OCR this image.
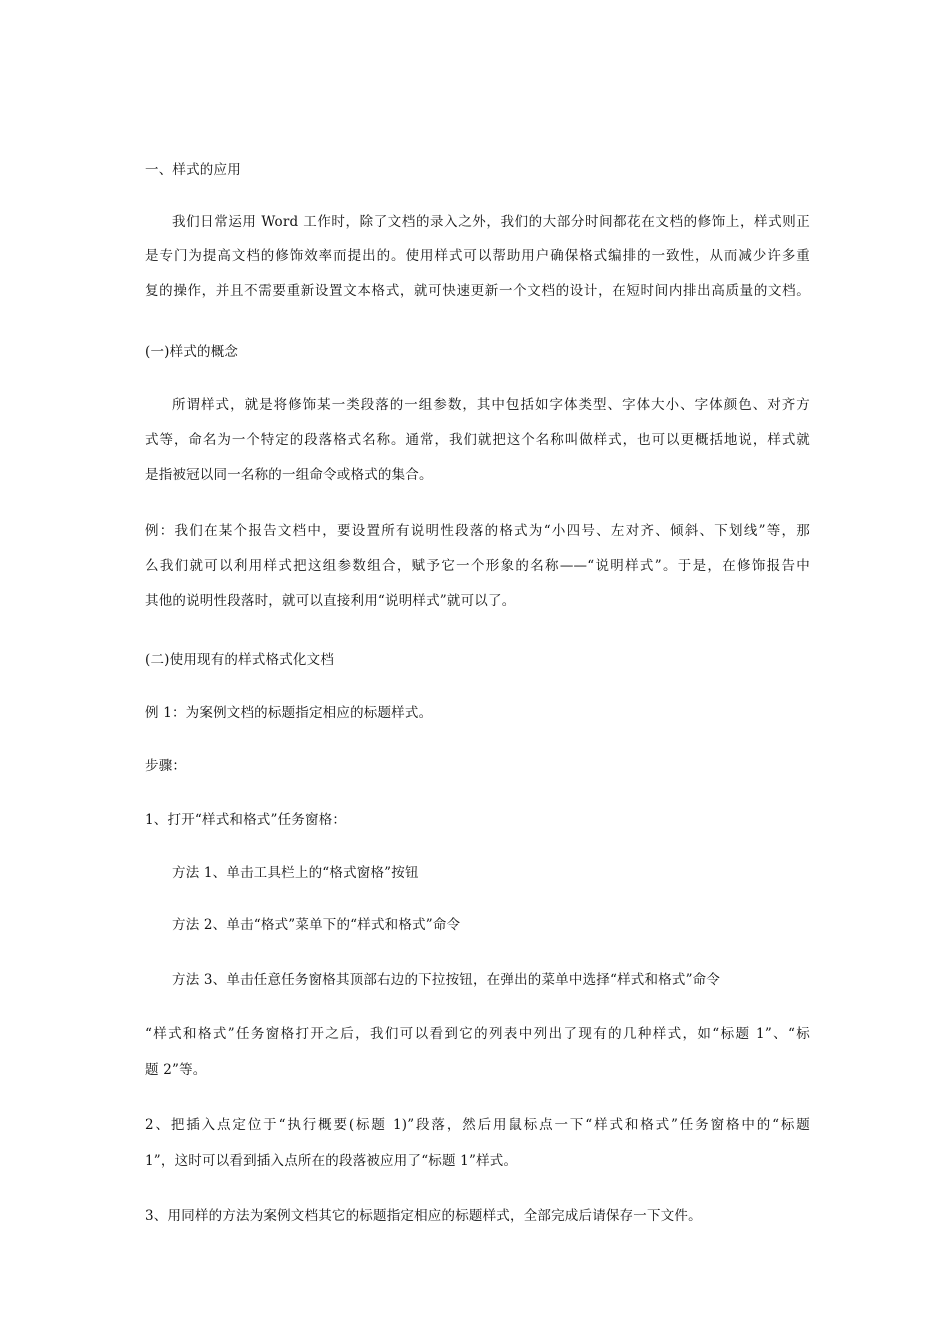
一、样式的应用
我们日常运用 Word 工作时，除了文档的录入之外，我们的大部分时间都花在文档的修饰上，样式则正
是专门为提高文档的修饰效率而提出的。使用样式可以帮助用户确保格式编排的一致性，从而减少许多重
复的操作，并且不需要重新设置文本格式，就可快速更新一个文档的设计，在短时间内排出高质量的文档。
(一)样式的概念
所谓样式，就是将修饰某一类段落的一组参数，其中包括如字体类型、字体大小、字体颜色、对齐方
式等，命名为一个特定的段落格式名称。通常，我们就把这个名称叫做样式，也可以更概括地说，样式就
是指被冠以同一名称的一组命令或格式的集合。
例：我们在某个报告文档中，要设置所有说明性段落的格式为“小四号、左对齐、倾斜、下划线”等，那
么我们就可以利用样式把这组参数组合，赋予它一个形象的名称——“说明样式”。于是，在修饰报告中
其他的说明性段落时，就可以直接利用“说明样式”就可以了。
(二)使用现有的样式格式化文档
例 1：为案例文档的标题指定相应的标题样式。
步骤：
1、打开“样式和格式”任务窗格：
方法 1、单击工具栏上的“格式窗格”按钮
方法 2、单击“格式”菜单下的“样式和格式”命令
方法 3、单击任意任务窗格其顶部右边的下拉按钮，在弹出的菜单中选择“样式和格式”命令
“样式和格式”任务窗格打开之后，我们可以看到它的列表中列出了现有的几种样式，如“标题 1”、“标
题 2”等。
2、把插入点定位于“执行概要(标题 1)”段落，然后用鼠标点一下“样式和格式”任务窗格中的“标题
1”，这时可以看到插入点所在的段落被应用了“标题 1”样式。
3、用同样的方法为案例文档其它的标题指定相应的标题样式，全部完成后请保存一下文件。
